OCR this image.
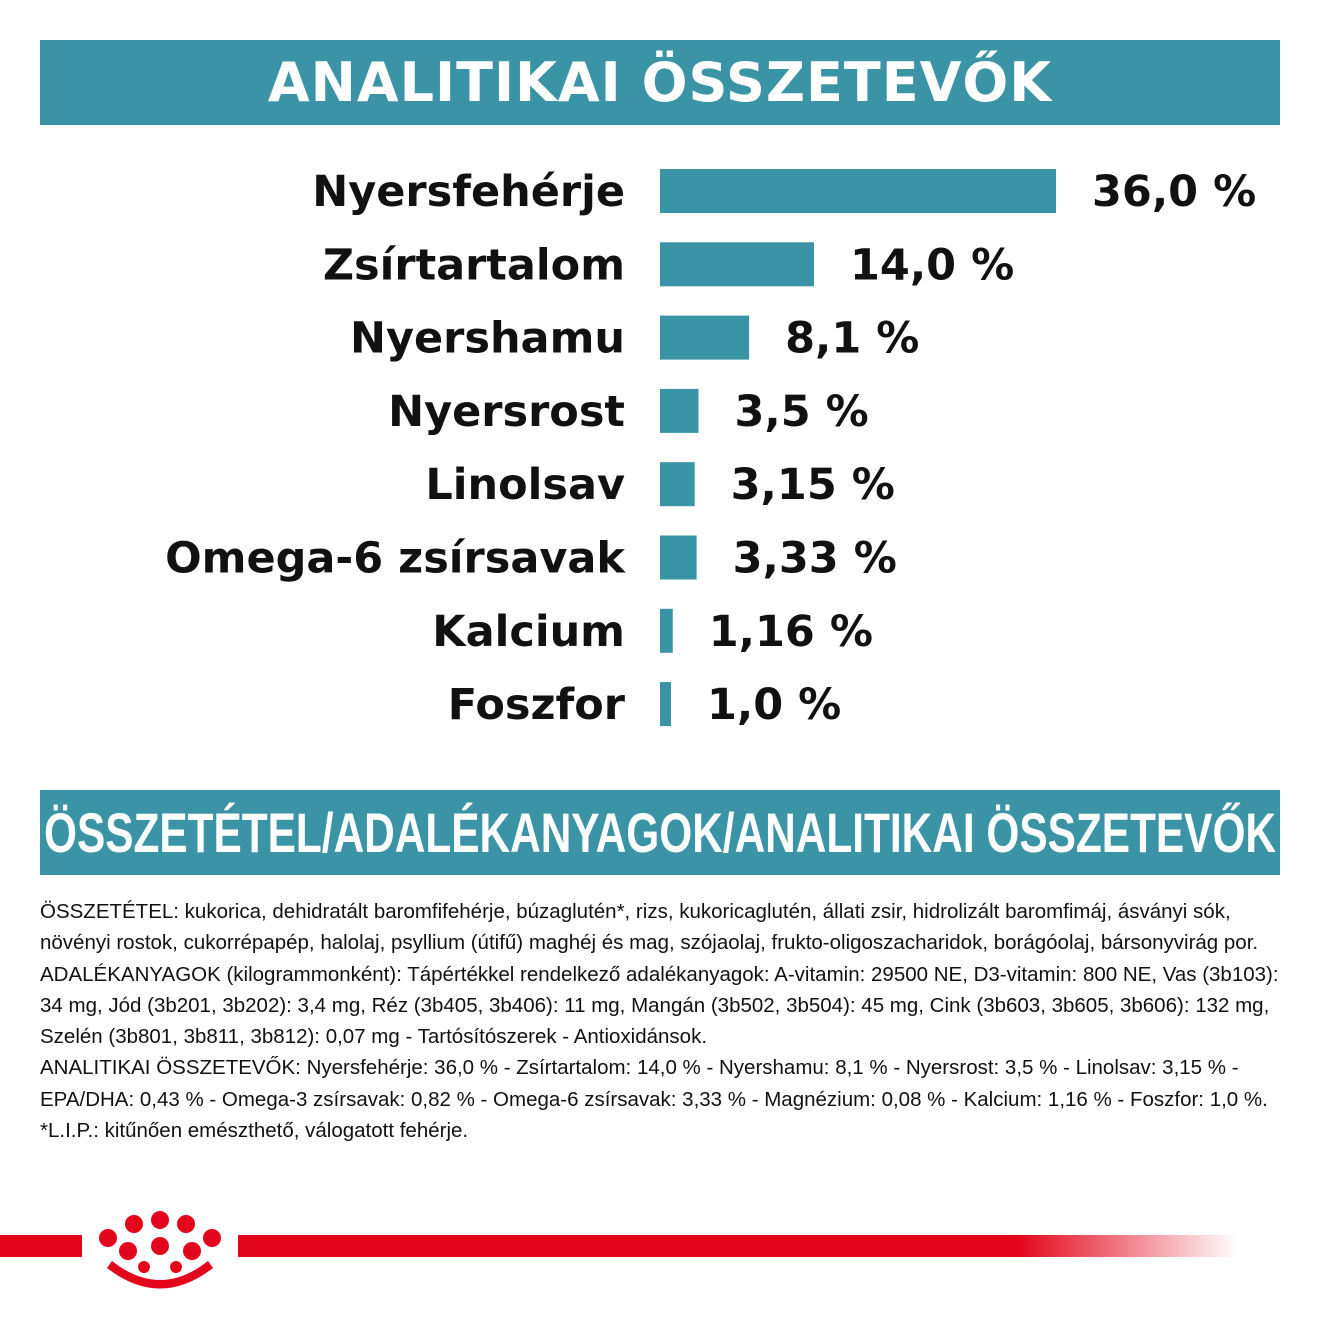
ANALITIKAI ÖSSZETEVŐK
Nyersfehérje	36,0 %
Zsírtartalom	14,0 %
Nyershamu	8,1 %
Nyersrost	3,5 %
Linolsav 3,15 %
Omega-6 zsírsavak	3,33 %
Kalcium 1,16 %
Foszfor 1,0 %
ÖSSZETÉTEL/ADALÉKANYAGOK/ANALITIKAI ÖSSZETEVŐK

ÖSSZETÉTEL: kukorica, dehidratált baromfifehérje, búzaglutén*, rizs, kukoricaglutén, állati zsir, hidrolizált baromfimáj, ásványi sók, növényi rostok, cukorrépapép, halolaj, psyllium (útifű) maghéj és mag, szójaolaj, frukto-oligoszacharidok, borágóolaj, bársonyvirág por.

ADALÉKANYAGOK (kilogrammonként): Tápértékkel rendelkező adalékanyagok: A-vitamin: 29500 NE, D3-vitamin: 800 NE, Vas (3b103): 34 mg, Jód (3b201, 3b202): 3,4 mg, Réz (3b405, 3b406): 11 mg, Mangán (3b502, 3b504): 45 mg, Cink (3b603, 3b605, 3b606): 132 mg, Szelén (3b801, 3b811, 3b812): 0,07 mg - Tartósítószerek - Antioxidánsok.

ANALITIKAI ÖSSZETEVŐK: Nyersfehérje: 36,0 % - Zsírtartalom: 14,0 % - Nyershamu: 8,1 % - Nyersrost: 3,5 % - Linolsav: 3,15 % - EPA/DHA: 0,43 % - Omega-3 zsírsavak: 0,82 % - Omega-6 zsírsavak: 3,33 % - Magnézium: 0,08 % - Kalcium: 1,16 % - Foszfor: 1,0 %.

*L.I.P.: kitűnően emészthető, válogatott fehérje.
